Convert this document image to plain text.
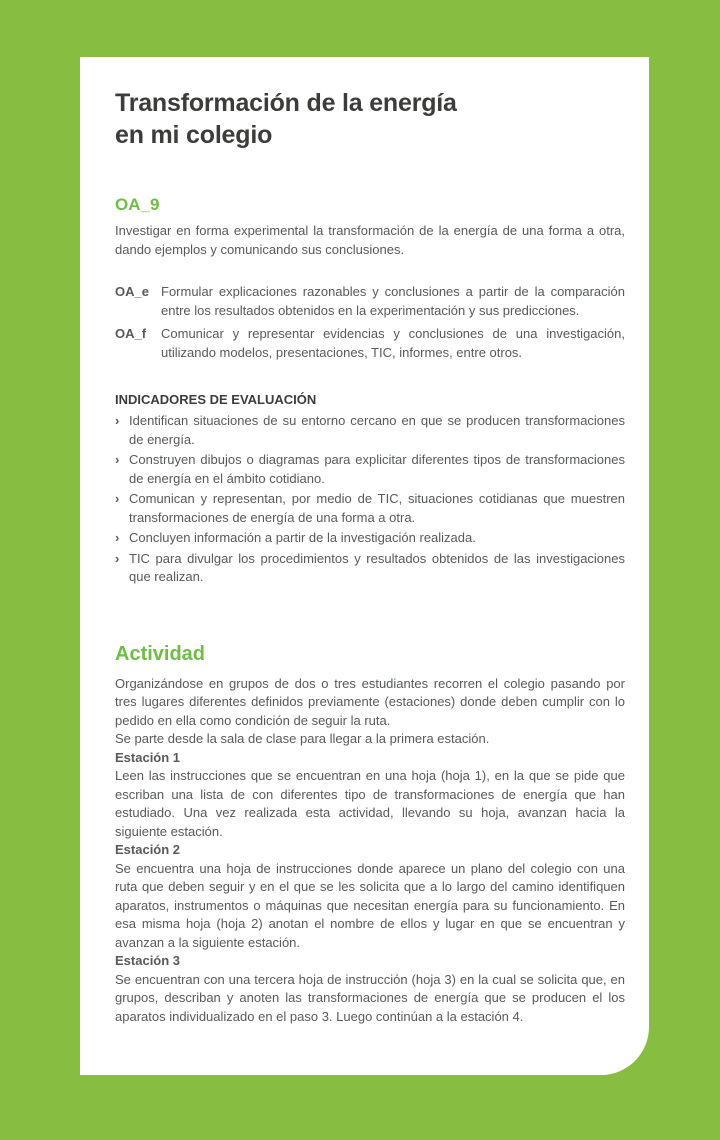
Transformación de la energía
en mi colegio
OA_9

Investigar en forma experimental la transformación de la energía de una forma a otra, dando ejemplos y comunicando sus conclusiones.

OA_e Formular explicaciones razonables y conclusiones a partir de la comparación entre los resultados obtenidos en la experimentación y sus predicciones.
OA_f	Comunicar y representar evidencias y conclusiones de una investigación, utilizando modelos, presentaciones, TIC, informes, entre otros.
INDICADORES DE EVALUACIÓN
› Identifican situaciones de su entorno cercano en que se producen transformaciones de energía.
› Construyen dibujos o diagramas para explicitar diferentes tipos de transformaciones de energía en el ámbito cotidiano.
› Comunican y representan, por medio de TIC, situaciones cotidianas que muestren transformaciones de energía de una forma a otra.
› Concluyen información a partir de la investigación realizada.
› TIC para divulgar los procedimientos y resultados obtenidos de las investigaciones que realizan.
Actividad

Organizándose en grupos de dos o tres estudiantes recorren el colegio pasando por tres lugares diferentes definidos previamente (estaciones) donde deben cumplir con lo pedido en ella como condición de seguir la ruta.

Se parte desde la sala de clase para llegar a la primera estación.

Estación 1

Leen las instrucciones que se encuentran en una hoja (hoja 1), en la que se pide que escriban una lista de con diferentes tipo de transformaciones de energía que han estudiado. Una vez realizada esta actividad, llevando su hoja, avanzan hacia la siguiente estación.

Estación 2

Se encuentra una hoja de instrucciones donde aparece un plano del colegio con una ruta que deben seguir y en el que se les solicita que a lo largo del camino identifiquen aparatos, instrumentos o máquinas que necesitan energía para su funcionamiento. En esa misma hoja (hoja 2) anotan el nombre de ellos y lugar en que se encuentran y avanzan a la siguiente estación.

Estación 3

Se encuentran con una tercera hoja de instrucción (hoja 3) en la cual se solicita que, en grupos, describan y anoten las transformaciones de energía que se producen el los aparatos individualizado en el paso 3. Luego continúan a la estación 4.
